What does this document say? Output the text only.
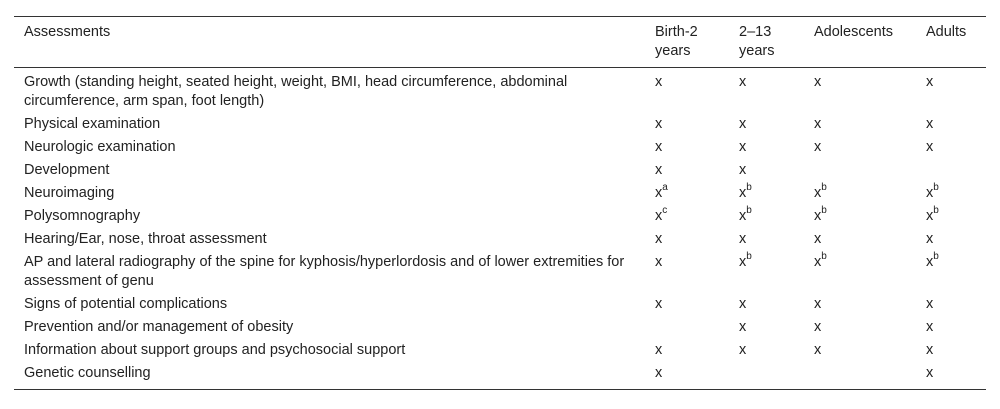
Assessments	Birth-2 years	2–13 years	Adolescents	Adults
Growth (standing height, seated height, weight, BMI, head circumference, abdominal circumference, arm span, foot length)	x	x	x	x
Physical examination	x	x	x	x
Neurologic examination	x	x	x	x
Development	x	x		
Neuroimaging	$x^a$	$x^b$	$x^b$	$x^b$
Polysomnography	$x^c$	$x^b$	$x^b$	$x^b$
Hearing/Ear, nose, throat assessment	x	x	x	x
AP and lateral radiography of the spine for kyphosis/hyperlordosis and of lower extremities for assessment of genu	x	$x^b$	$x^b$	$x^b$
Signs of potential complications	x	x	x	x
Prevention and/or management of obesity		x	x	x
Information about support groups and psychosocial support	x	x	x	x
Genetic counselling	x			x
